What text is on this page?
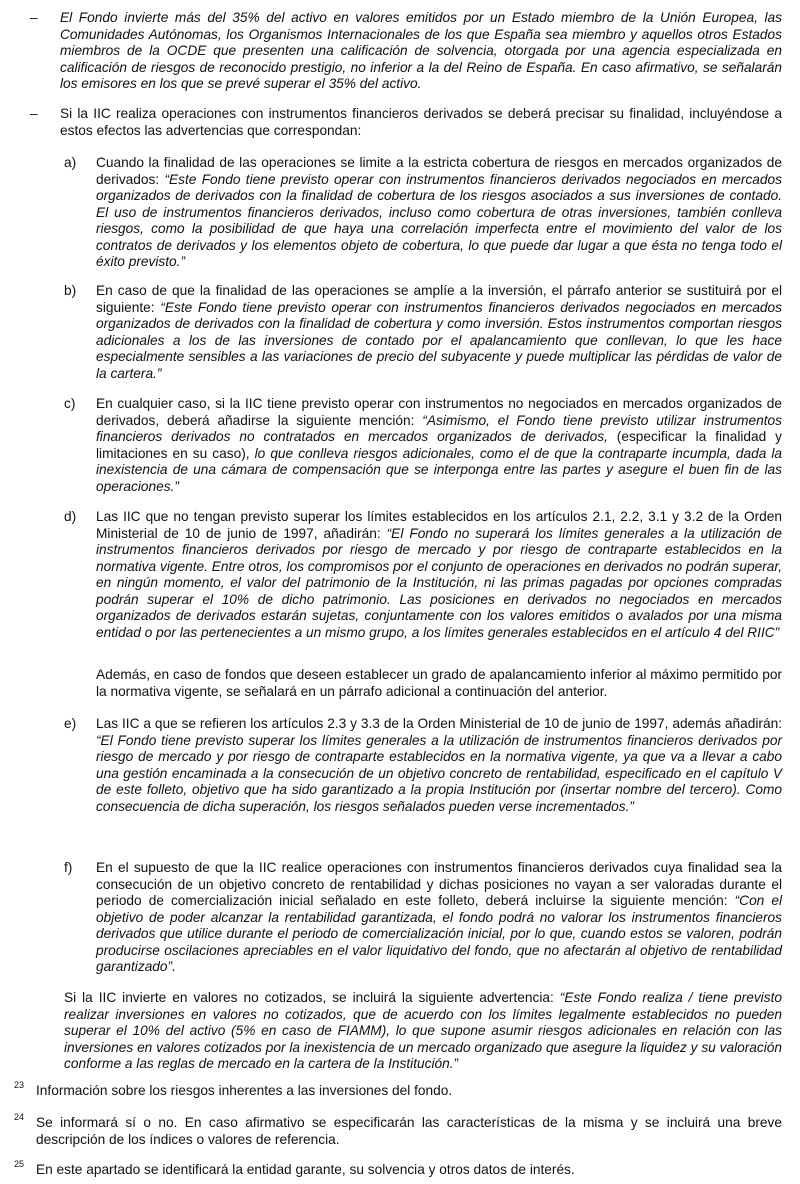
– El Fondo invierte más del 35% del activo en valores emitidos por un Estado miembro de la Unión Europea, las Comunidades Autónomas, los Organismos Internacionales de los que España sea miembro y aquellos otros Estados miembros de la OCDE que presenten una calificación de solvencia, otorgada por una agencia especializada en calificación de riesgos de reconocido prestigio, no inferior a la del Reino de España. En caso afirmativo, se señalarán los emisores en los que se prevé superar el 35% del activo.

– Si la IIC realiza operaciones con instrumentos financieros derivados se deberá precisar su finalidad, incluyéndose a estos efectos las advertencias que correspondan:

a) Cuando la finalidad de las operaciones se limite a la estricta cobertura de riesgos en mercados organizados de derivados: “Este Fondo tiene previsto operar con instrumentos financieros derivados negociados en mercados organizados de derivados con la finalidad de cobertura de los riesgos asociados a sus inversiones de contado. El uso de instrumentos financieros derivados, incluso como cobertura de otras inversiones, también conlleva riesgos, como la posibilidad de que haya una correlación imperfecta entre el movimiento del valor de los contratos de derivados y los elementos objeto de cobertura, lo que puede dar lugar a que ésta no tenga todo el éxito previsto.”

b) En caso de que la finalidad de las operaciones se amplíe a la inversión, el párrafo anterior se sustituirá por el siguiente: “Este Fondo tiene previsto operar con instrumentos financieros derivados negociados en mercados organizados de derivados con la finalidad de cobertura y como inversión. Estos instrumentos comportan riesgos adicionales a los de las inversiones de contado por el apalancamiento que conllevan, lo que les hace especialmente sensibles a las variaciones de precio del subyacente y puede multiplicar las pérdidas de valor de la cartera.”

c) En cualquier caso, si la IIC tiene previsto operar con instrumentos no negociados en mercados organizados de derivados, deberá añadirse la siguiente mención: “Asimismo, el Fondo tiene previsto utilizar instrumentos financieros derivados no contratados en mercados organizados de derivados, (especificar la finalidad y limitaciones en su caso), lo que conlleva riesgos adicionales, como el de que la contraparte incumpla, dada la inexistencia de una cámara de compensación que se interponga entre las partes y asegure el buen fin de las operaciones.”

d) Las IIC que no tengan previsto superar los límites establecidos en los artículos 2.1, 2.2, 3.1 y 3.2 de la Orden Ministerial de 10 de junio de 1997, añadirán: “El Fondo no superará los límites generales a la utilización de instrumentos financieros derivados por riesgo de mercado y por riesgo de contraparte establecidos en la normativa vigente. Entre otros, los compromisos por el conjunto de operaciones en derivados no podrán superar, en ningún momento, el valor del patrimonio de la Institución, ni las primas pagadas por opciones compradas podrán superar el 10% de dicho patrimonio. Las posiciones en derivados no negociados en mercados organizados de derivados estarán sujetas, conjuntamente con los valores emitidos o avalados por una misma entidad o por las pertenecientes a un mismo grupo, a los límites generales establecidos en el artículo 4 del RIIC”

Además, en caso de fondos que deseen establecer un grado de apalancamiento inferior al máximo permitido por la normativa vigente, se señalará en un párrafo adicional a continuación del anterior.

e) Las IIC a que se refieren los artículos 2.3 y 3.3 de la Orden Ministerial de 10 de junio de 1997, además añadirán: “El Fondo tiene previsto superar los límites generales a la utilización de instrumentos financieros derivados por riesgo de mercado y por riesgo de contraparte establecidos en la normativa vigente, ya que va a llevar a cabo una gestión encaminada a la consecución de un objetivo concreto de rentabilidad, especificado en el capítulo V de este folleto, objetivo que ha sido garantizado a la propia Institución por (insertar nombre del tercero). Como consecuencia de dicha superación, los riesgos señalados pueden verse incrementados.”

f) En el supuesto de que la IIC realice operaciones con instrumentos financieros derivados cuya finalidad sea la consecución de un objetivo concreto de rentabilidad y dichas posiciones no vayan a ser valoradas durante el periodo de comercialización inicial señalado en este folleto, deberá incluirse la siguiente mención: “Con el objetivo de poder alcanzar la rentabilidad garantizada, el fondo podrá no valorar los instrumentos financieros derivados que utilice durante el periodo de comercialización inicial, por lo que, cuando estos se valoren, podrán producirse oscilaciones apreciables en el valor liquidativo del fondo, que no afectarán al objetivo de rentabilidad garantizado”.

Si la IIC invierte en valores no cotizados, se incluirá la siguiente advertencia: “Este Fondo realiza / tiene previsto realizar inversiones en valores no cotizados, que de acuerdo con los límites legalmente establecidos no pueden superar el 10% del activo (5% en caso de FIAMM), lo que supone asumir riesgos adicionales en relación con las inversiones en valores cotizados por la inexistencia de un mercado organizado que asegure la liquidez y su valoración conforme a las reglas de mercado en la cartera de la Institución.”

23 Información sobre los riesgos inherentes a las inversiones del fondo.

24 Se informará sí o no. En caso afirmativo se especificarán las características de la misma y se incluirá una breve descripción de los índices o valores de referencia.

25 En este apartado se identificará la entidad garante, su solvencia y otros datos de interés.
